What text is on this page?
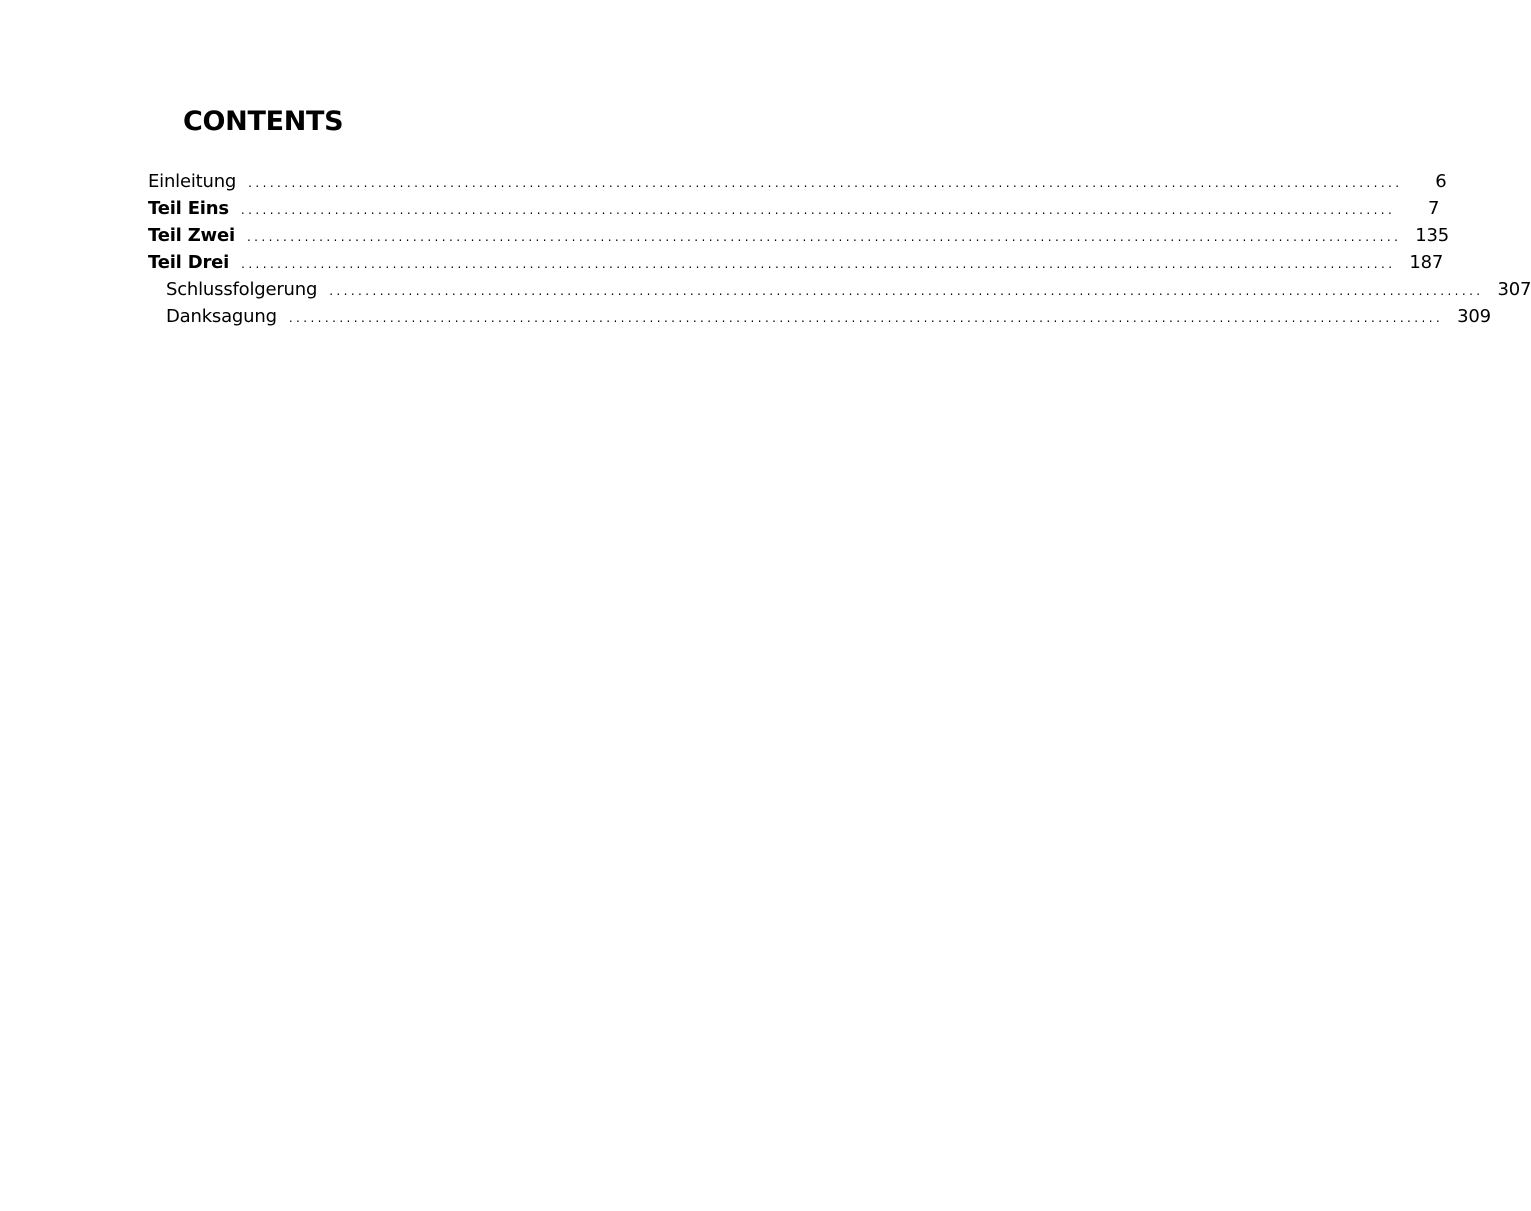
CONTENTS
Einleitung ................................................................................................................................................................	6
Teil Eins ................................................................................................................................................................	7
Teil Zwei ................................................................................................................................................................ 135
Teil Drei ................................................................................................................................................................ 187
Schlussfolgerung ................................................................................................................................................................ 307
Danksagung ................................................................................................................................................................ 309
